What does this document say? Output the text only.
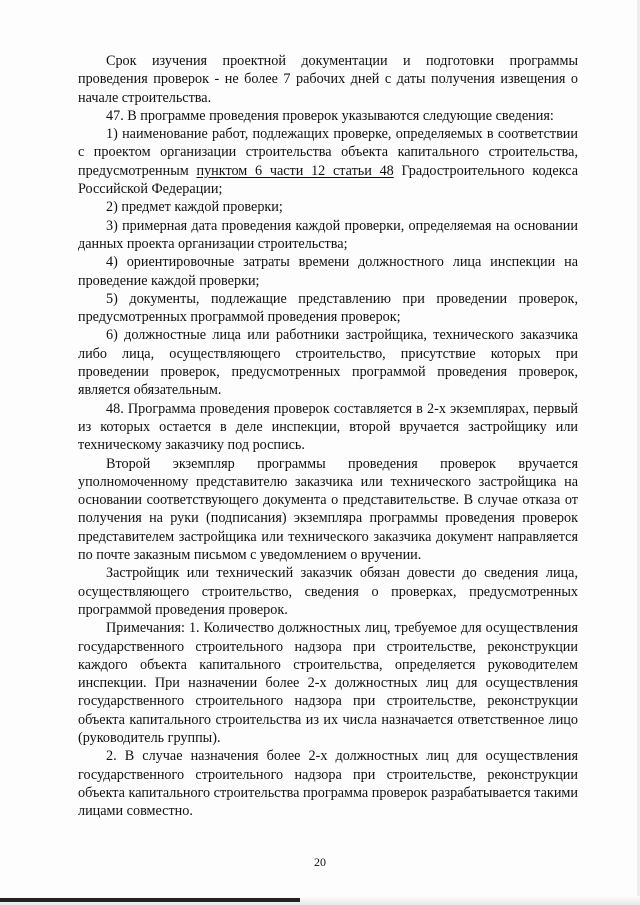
Срок изучения проектной документации и подготовки программы проведения проверок - не более 7 рабочих дней с даты получения извещения о начале строительства.

47. В программе проведения проверок указываются следующие сведения:

1) наименование работ, подлежащих проверке, определяемых в соответствии с проектом организации строительства объекта капитального строительства, предусмотренным пунктом 6 части 12 статьи 48 Градостроительного кодекса Российской Федерации;

2) предмет каждой проверки;

3) примерная дата проведения каждой проверки, определяемая на основании данных проекта организации строительства;

4) ориентировочные затраты времени должностного лица инспекции на проведение каждой проверки;

5) документы, подлежащие представлению при проведении проверок, предусмотренных программой проведения проверок;

6) должностные лица или работники застройщика, технического заказчика либо лица, осуществляющего строительство, присутствие которых при проведении проверок, предусмотренных программой проведения проверок, является обязательным.

48. Программа проведения проверок составляется в 2-х экземплярах, первый из которых остается в деле инспекции, второй вручается застройщику или техническому заказчику под роспись.

Второй экземпляр программы проведения проверок вручается уполномоченному представителю заказчика или технического застройщика на основании соответствующего документа о представительстве. В случае отказа от получения на руки (подписания) экземпляра программы проведения проверок представителем застройщика или технического заказчика документ направляется по почте заказным письмом с уведомлением о вручении.

Застройщик или технический заказчик обязан довести до сведения лица, осуществляющего строительство, сведения о проверках, предусмотренных программой проведения проверок.

Примечания: 1. Количество должностных лиц, требуемое для осуществления государственного строительного надзора при строительстве, реконструкции каждого объекта капитального строительства, определяется руководителем инспекции. При назначении более 2-х должностных лиц для осуществления государственного строительного надзора при строительстве, реконструкции объекта капитального строительства из их числа назначается ответственное лицо (руководитель группы).

2. В случае назначения более 2-х должностных лиц для осуществления государственного строительного надзора при строительстве, реконструкции объекта капитального строительства программа проверок разрабатывается такими лицами совместно.

20
